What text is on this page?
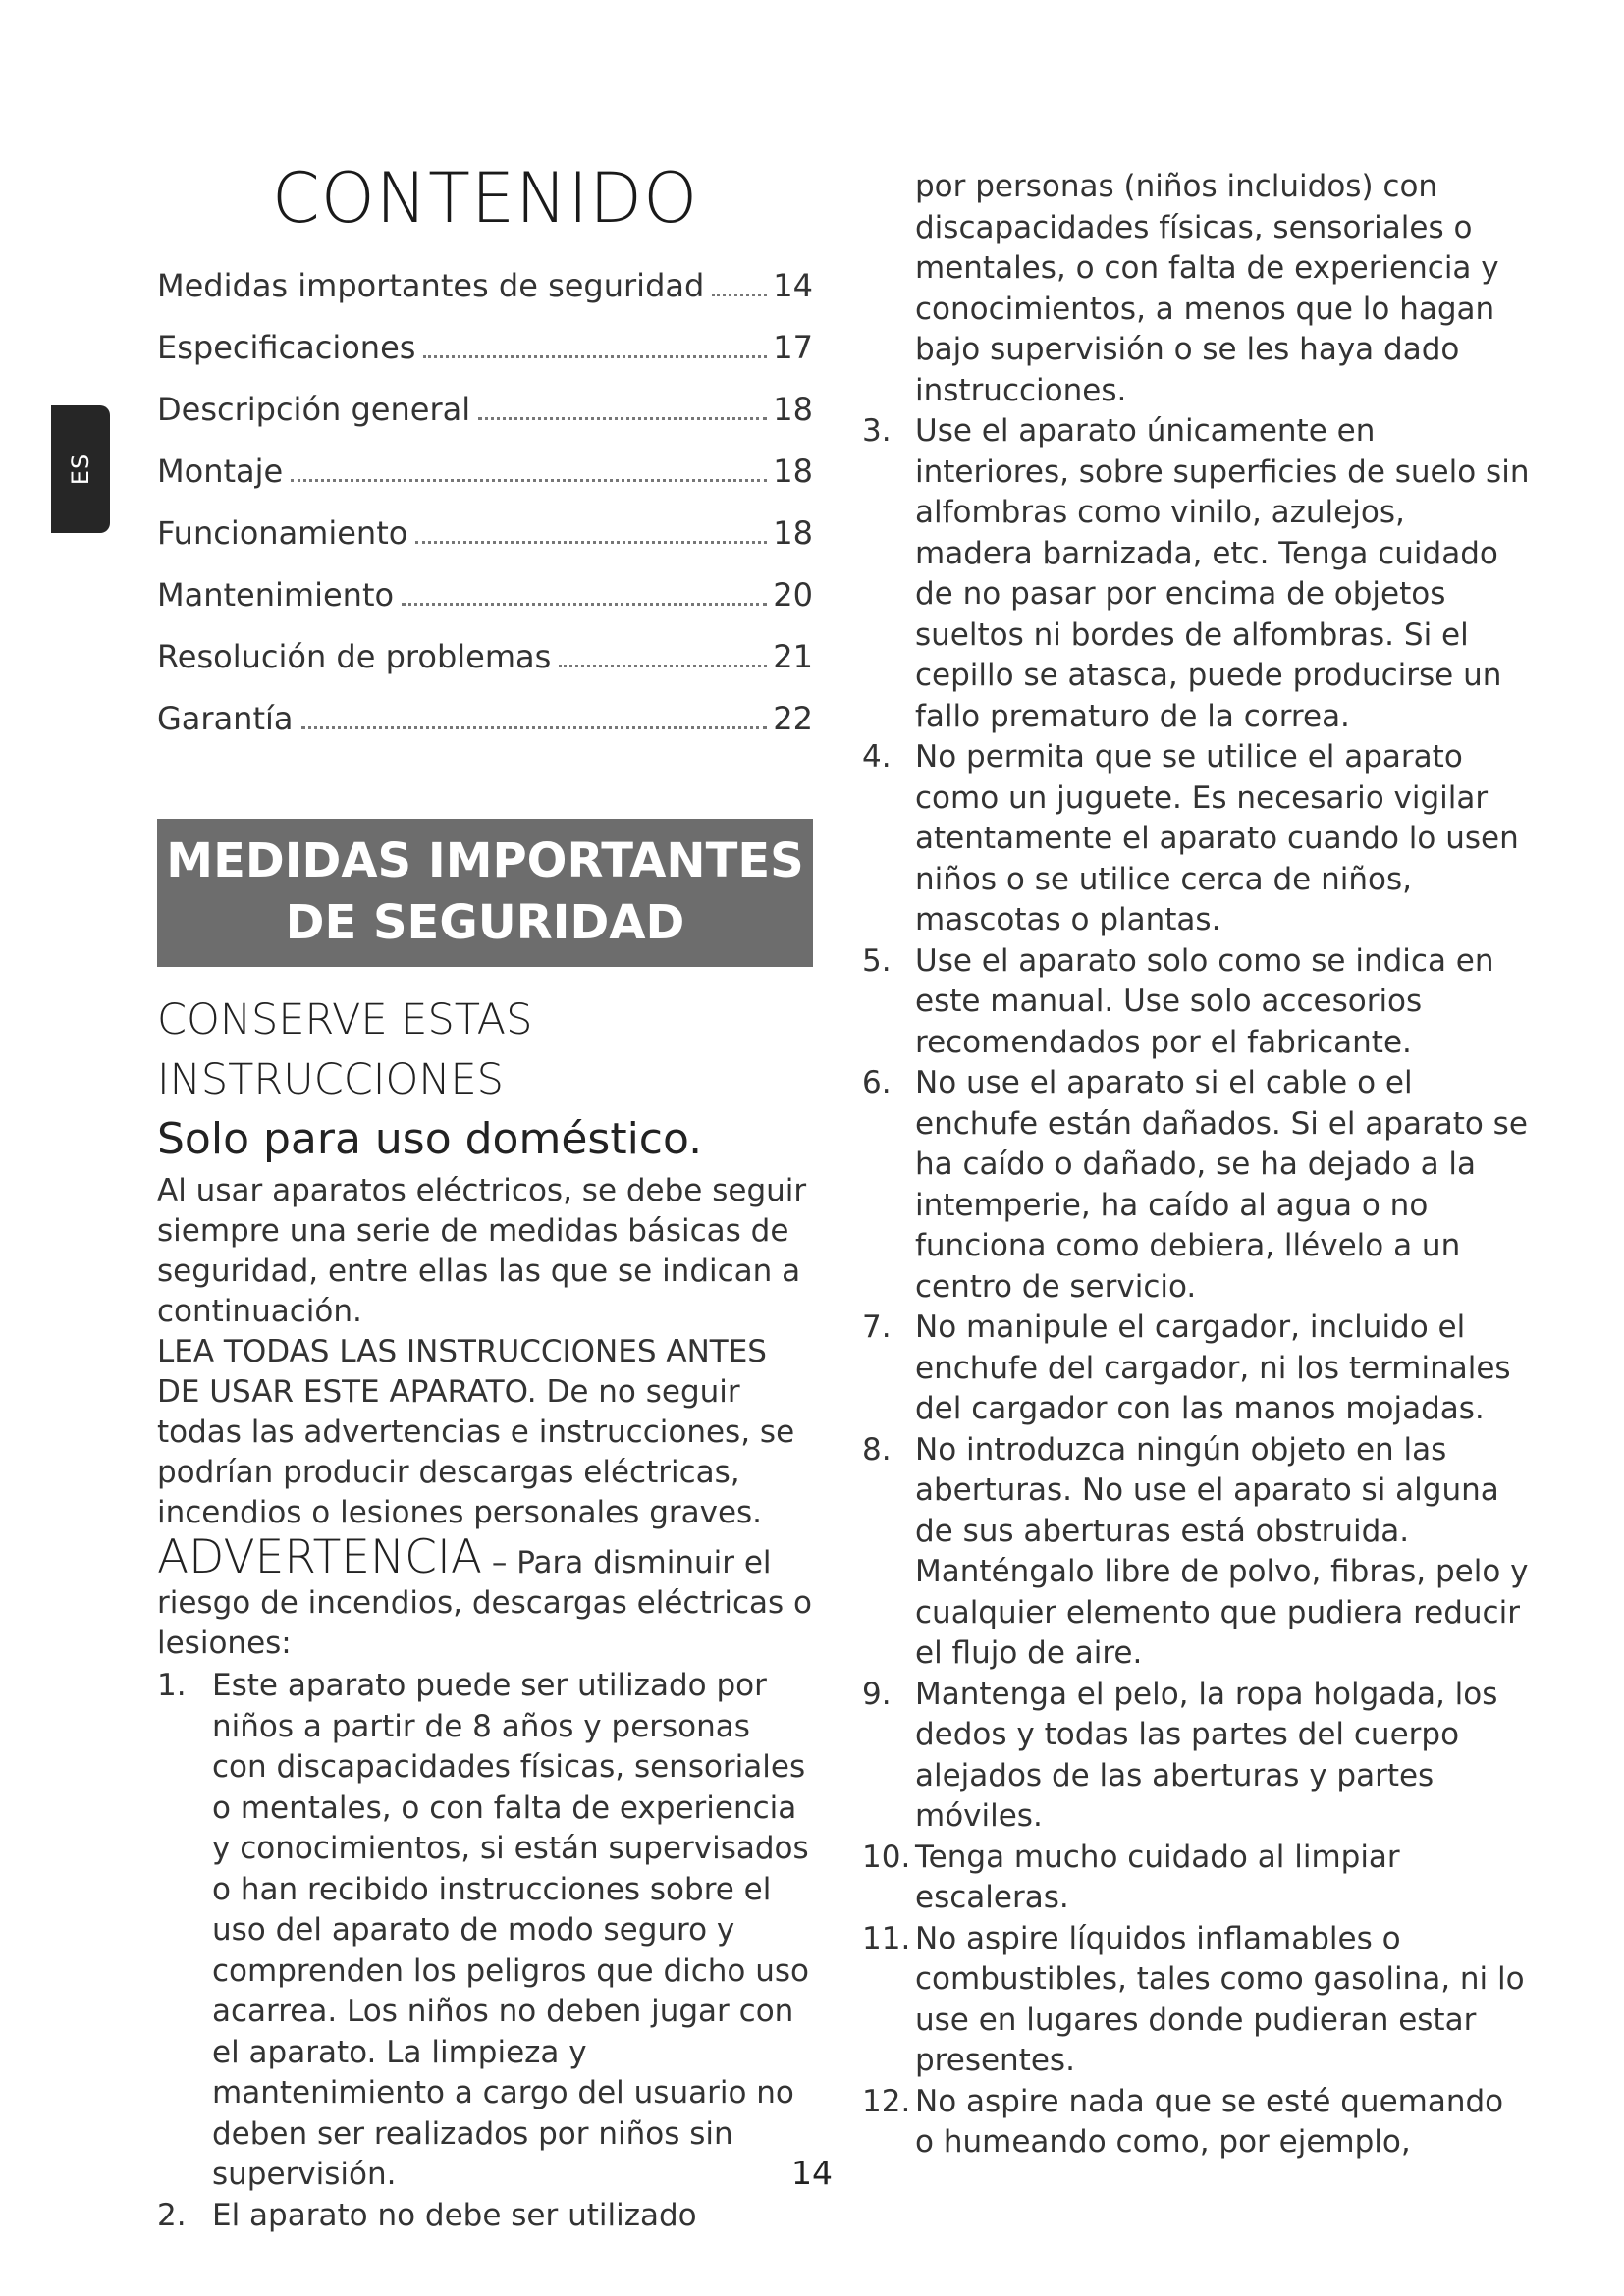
ES
CONTENIDO
Medidas importantes de seguridad 14
Especificaciones	17
Descripción general	18
Montaje	18
Funcionamiento	18
Mantenimiento	20
Resolución de problemas	21
Garantía	22
MEDIDAS IMPORTANTES
DE SEGURIDAD
CONSERVE ESTAS
INSTRUCCIONES
Solo para uso doméstico.

Al usar aparatos eléctricos, se debe seguir siempre una serie de medidas básicas de seguridad, entre ellas las que se indican a continuación.

LEA TODAS LAS INSTRUCCIONES ANTES DE USAR ESTE APARATO. De no seguir todas las advertencias e instrucciones, se podrían producir descargas eléctricas, incendios o lesiones personales graves.

ADVERTENCIA – Para disminuir el riesgo de incendios, descargas eléctricas o lesiones:

1. Este aparato puede ser utilizado por niños a partir de 8 años y personas con discapacidades físicas, sensoriales o mentales, o con falta de experiencia y conocimientos, si están supervisados o han recibido instrucciones sobre el uso del aparato de modo seguro y comprenden los peligros que dicho uso acarrea. Los niños no deben jugar con el aparato. La limpieza y mantenimiento a cargo del usuario no deben ser realizados por niños sin supervisión.
2. El aparato no debe ser utilizado
por personas (niños incluidos) con discapacidades físicas, sensoriales o mentales, o con falta de experiencia y conocimientos, a menos que lo hagan bajo supervisión o se les haya dado instrucciones.
3. Use el aparato únicamente en interiores, sobre superficies de suelo sin alfombras como vinilo, azulejos, madera barnizada, etc. Tenga cuidado de no pasar por encima de objetos sueltos ni bordes de alfombras. Si el cepillo se atasca, puede producirse un fallo prematuro de la correa.
4. No permita que se utilice el aparato como un juguete. Es necesario vigilar atentamente el aparato cuando lo usen niños o se utilice cerca de niños, mascotas o plantas.
5. Use el aparato solo como se indica en este manual. Use solo accesorios recomendados por el fabricante.
6. No use el aparato si el cable o el enchufe están dañados. Si el aparato se ha caído o dañado, se ha dejado a la intemperie, ha caído al agua o no funciona como debiera, llévelo a un centro de servicio.
7. No manipule el cargador, incluido el enchufe del cargador, ni los terminales del cargador con las manos mojadas.
8. No introduzca ningún objeto en las aberturas. No use el aparato si alguna de sus aberturas está obstruida. Manténgalo libre de polvo, fibras, pelo y cualquier elemento que pudiera reducir el flujo de aire.
9. Mantenga el pelo, la ropa holgada, los dedos y todas las partes del cuerpo alejados de las aberturas y partes móviles.
10. Tenga mucho cuidado al limpiar escaleras.
11. No aspire líquidos inflamables o combustibles, tales como gasolina, ni lo use en lugares donde pudieran estar presentes.
12. No aspire nada que se esté quemando o humeando como, por ejemplo,
14
